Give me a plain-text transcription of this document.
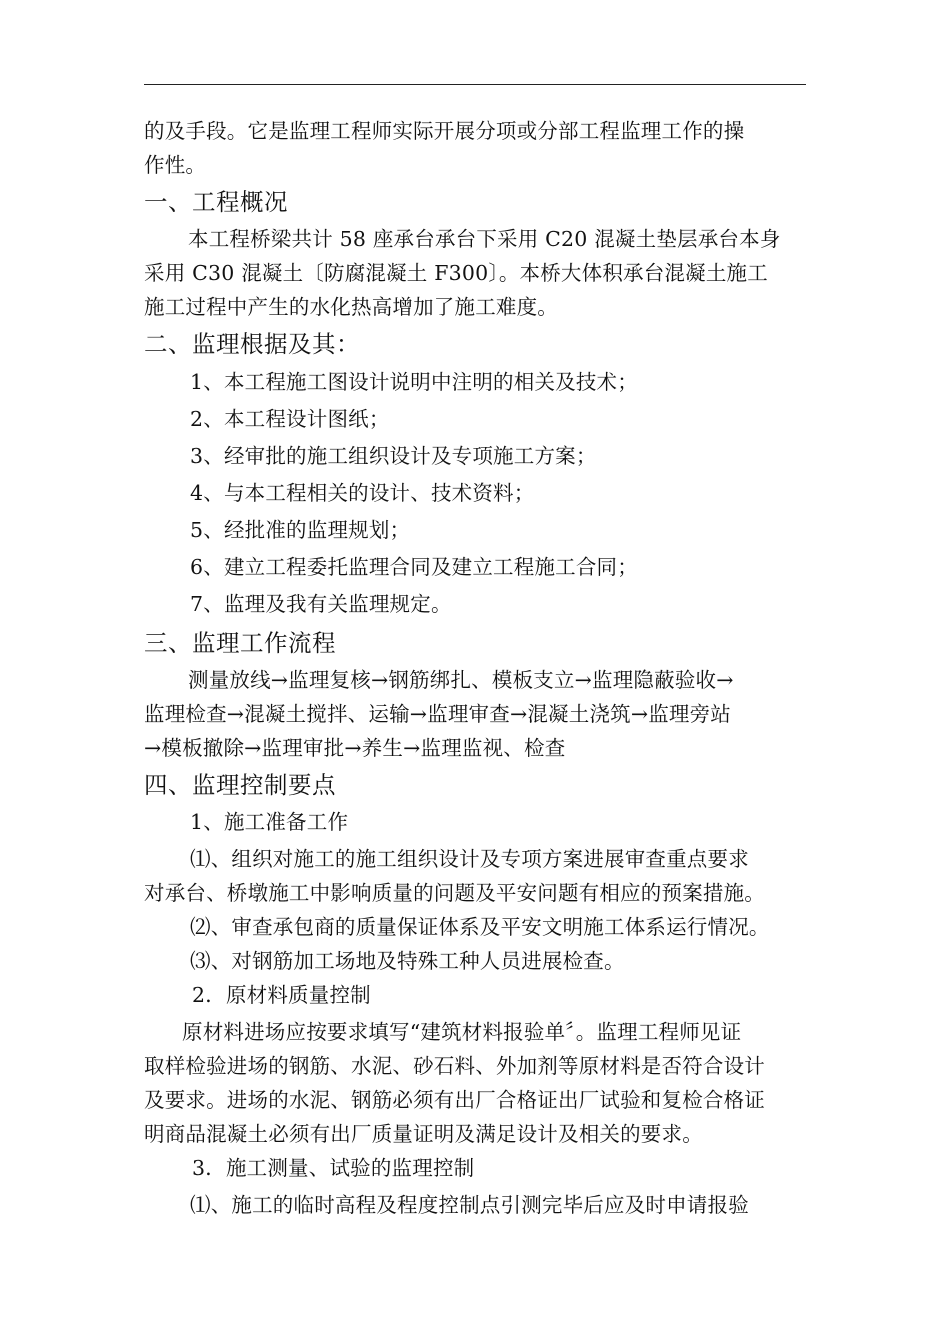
的及手段。它是监理工程师实际开展分项或分部工程监理工作的操
作性。
一、工程概况
本工程桥梁共计 58 座承台承台下采用 C20 混凝土垫层承台本身
采用 C30 混凝土〔防腐混凝土 F300〕。本桥大体积承台混凝土施工
施工过程中产生的水化热高增加了施工难度。
二、监理根据及其：
1、本工程施工图设计说明中注明的相关及技术；
2、本工程设计图纸；
3、经审批的施工组织设计及专项施工方案；
4、与本工程相关的设计、技术资料；
5、经批准的监理规划；
6、建立工程委托监理合同及建立工程施工合同；
7、监理及我有关监理规定。
三、监理工作流程
测量放线→监理复核→钢筋绑扎、模板支立→监理隐蔽验收→
监理检查→混凝土搅拌、运输→监理审查→混凝土浇筑→监理旁站
→模板撤除→监理审批→养生→监理监视、检查
四、监理控制要点
1、施工准备工作
⑴、组织对施工的施工组织设计及专项方案进展审查重点要求
对承台、桥墩施工中影响质量的问题及平安问题有相应的预案措施。
⑵、审查承包商的质量保证体系及平安文明施工体系运行情况。
⑶、对钢筋加工场地及特殊工种人员进展检查。
2．原材料质量控制
原材料进场应按要求填写“建筑材料报验单〞。监理工程师见证
取样检验进场的钢筋、水泥、砂石料、外加剂等原材料是否符合设计
及要求。进场的水泥、钢筋必须有出厂合格证出厂试验和复检合格证
明商品混凝土必须有出厂质量证明及满足设计及相关的要求。
3．施工测量、试验的监理控制
⑴、施工的临时高程及程度控制点引测完毕后应及时申请报验
